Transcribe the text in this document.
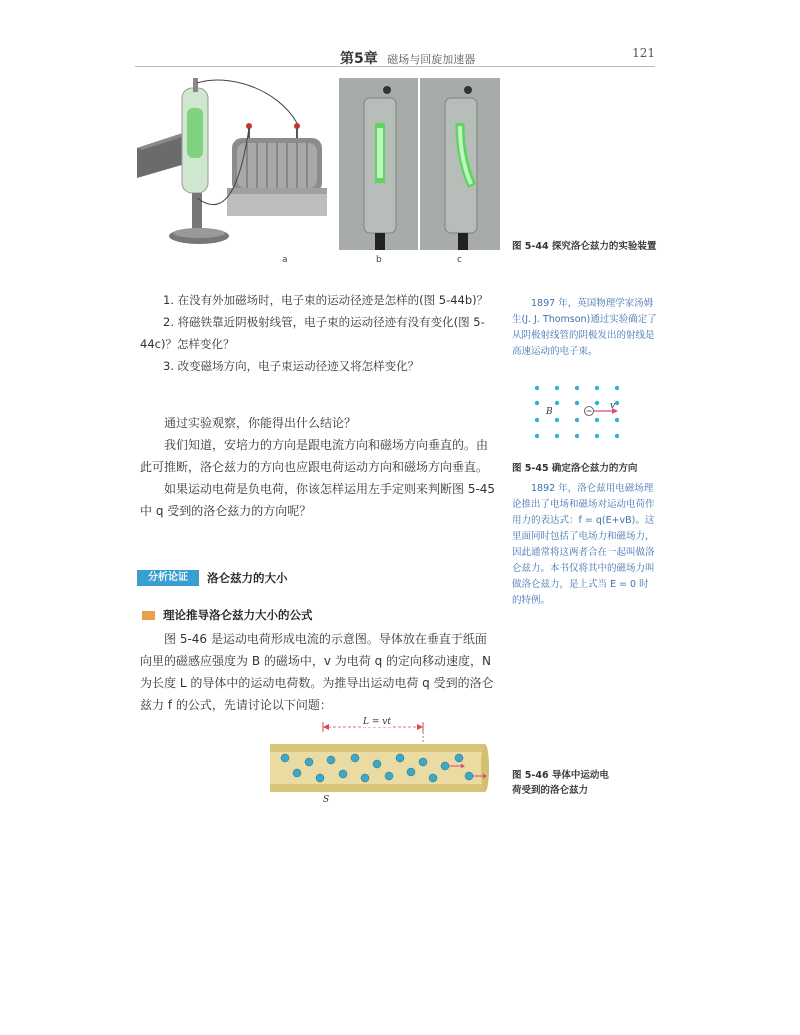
第5章 磁场与回旋加速器	121
a	b	c
图 5-44 探究洛仑兹力的实验装置
1. 在没有外加磁场时，电子束的运动径迹是怎样的(图 5-44b)？
2. 将磁铁靠近阴极射线管，电子束的运动径迹有没有变化(图 5-44c)？怎样变化？
3. 改变磁场方向，电子束运动径迹又将怎样变化？
1897 年，英国物理学家汤姆生(J. J. Thomson)通过实验确定了从阴极射线管的阴极发出的射线是高速运动的电子束。
B
v
图 5-45 确定洛仑兹力的方向
1892 年，洛仑兹用电磁场理论推出了电场和磁场对运动电荷作用力的表达式：f = q(E+vB)。这里面同时包括了电场力和磁场力，因此通常将这两者合在一起叫做洛仑兹力。本书仅将其中的磁场力叫做洛仑兹力，是上式当 E = 0 时的特例。
通过实验观察，你能得出什么结论？
我们知道，安培力的方向是跟电流方向和磁场方向垂直的。由此可推断，洛仑兹力的方向也应跟电荷运动方向和磁场方向垂直。
如果运动电荷是负电荷，你该怎样运用左手定则来判断图 5-45 中 q 受到的洛仑兹力的方向呢？
分析论证	洛仑兹力的大小
理论推导洛仑兹力大小的公式
图 5-46 是运动电荷形成电流的示意图。导体放在垂直于纸面向里的磁感应强度为 B 的磁场中，v 为电荷 q 的定向移动速度，N 为长度 L 的导体中的运动电荷数。为推导出运动电荷 q 受到的洛仑兹力 f 的公式，先请讨论以下问题：
L = vt
S
图 5-46 导体中运动电
荷受到的洛仑兹力
